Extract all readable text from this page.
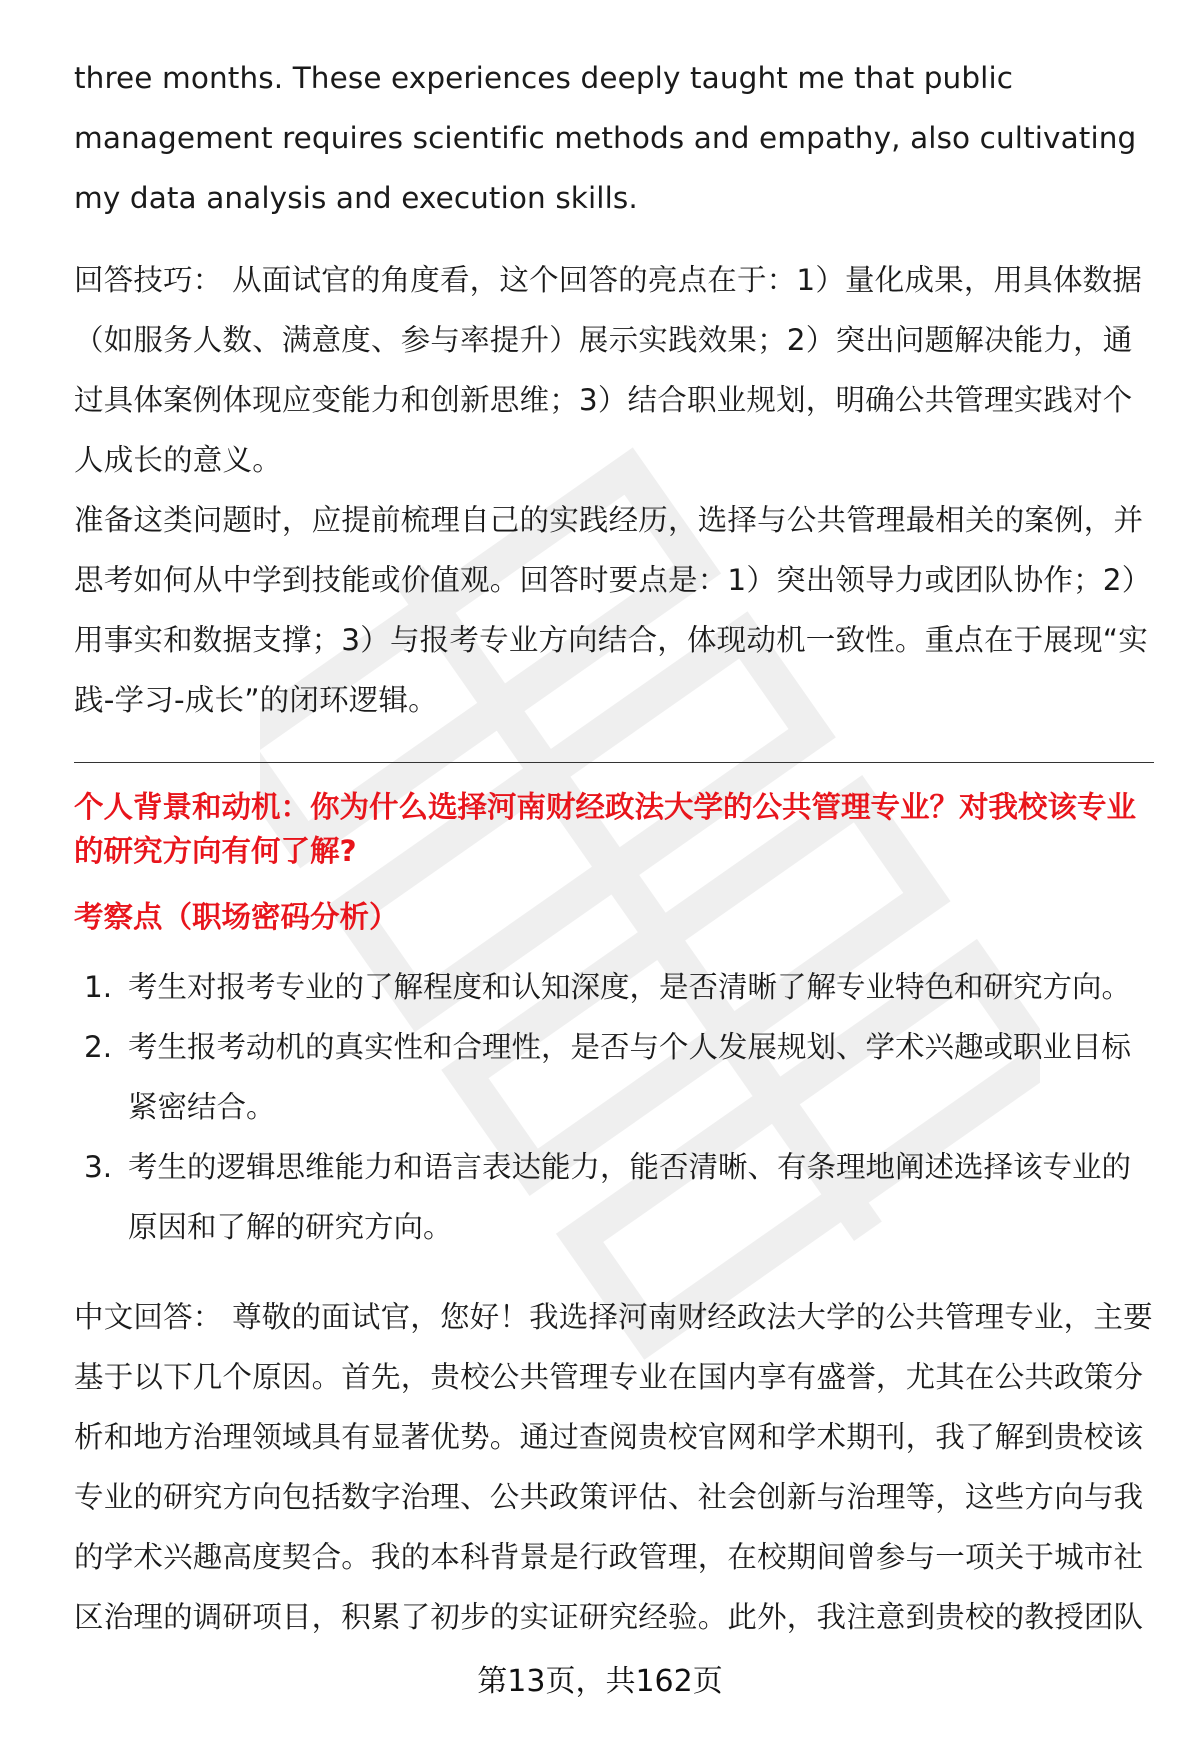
three months. These experiences deeply taught me that public management requires scientific methods and empathy, also cultivating my data analysis and execution skills.

回答技巧： 从面试官的角度看，这个回答的亮点在于：1）量化成果，用具体数据（如服务人数、满意度、参与率提升）展示实践效果；2）突出问题解决能力，通过具体案例体现应变能力和创新思维；3）结合职业规划，明确公共管理实践对个人成长的意义。

准备这类问题时，应提前梳理自己的实践经历，选择与公共管理最相关的案例，并思考如何从中学到技能或价值观。回答时要点是：1）突出领导力或团队协作；2）用事实和数据支撑；3）与报考专业方向结合，体现动机一致性。重点在于展现“实践-学习-成长”的闭环逻辑。

个人背景和动机：你为什么选择河南财经政法大学的公共管理专业？对我校该专业的研究方向有何了解?

考察点（职场密码分析）

1. 考生对报考专业的了解程度和认知深度，是否清晰了解专业特色和研究方向。
2. 考生报考动机的真实性和合理性，是否与个人发展规划、学术兴趣或职业目标紧密结合。
3. 考生的逻辑思维能力和语言表达能力，能否清晰、有条理地阐述选择该专业的原因和了解的研究方向。

中文回答： 尊敬的面试官，您好！我选择河南财经政法大学的公共管理专业，主要基于以下几个原因。首先，贵校公共管理专业在国内享有盛誉，尤其在公共政策分析和地方治理领域具有显著优势。通过查阅贵校官网和学术期刊，我了解到贵校该专业的研究方向包括数字治理、公共政策评估、社会创新与治理等，这些方向与我的学术兴趣高度契合。我的本科背景是行政管理，在校期间曾参与一项关于城市社区治理的调研项目，积累了初步的实证研究经验。此外，我注意到贵校的教授团队

第13页，共162页
